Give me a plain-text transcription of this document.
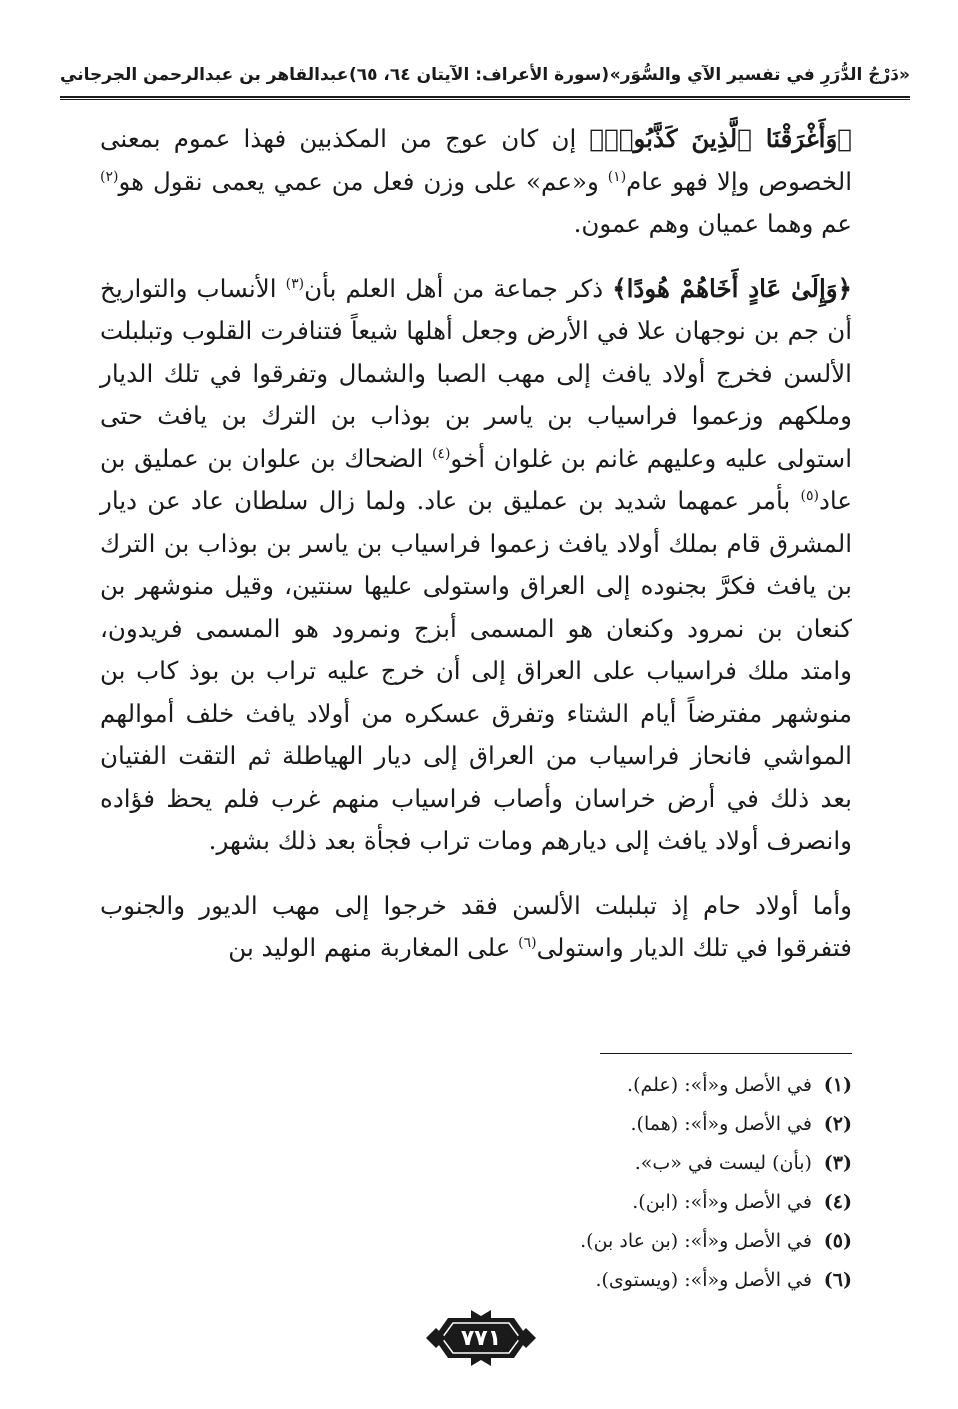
«دَرْجُ الدُّرَرِ في تفسير الآي والسُّوَر»
(سورة الأعراف: الآيتان ٦٤، ٦٥)
عبدالقاهر بن عبدالرحمن الجرجاني

﴿وَأَغْرَقْنَا ٱلَّذِينَ كَذَّبُوا۟﴾ إن كان عوج من المكذبين فهذا عموم بمعنى الخصوص وإلا فهو عام$^{(١)}$ و«عم» على وزن فعل من عمي يعمى نقول هو$^{(٢)}$ عم وهما عميان وهم عمون.

﴿وَإِلَىٰ عَادٍ أَخَاهُمْ هُودًا﴾ ذكر جماعة من أهل العلم بأن$^{(٣)}$ الأنساب والتواريخ أن جم بن نوجهان علا في الأرض وجعل أهلها شيعاً فتنافرت القلوب وتبلبلت الألسن فخرج أولاد يافث إلى مهب الصبا والشمال وتفرقوا في تلك الديار وملكهم وزعموا فراسياب بن ياسر بن بوذاب بن الترك بن يافث حتى استولى عليه وعليهم غانم بن غلوان أخو$^{(٤)}$ الضحاك بن علوان بن عمليق بن عاد$^{(٥)}$ بأمر عمهما شديد بن عمليق بن عاد. ولما زال سلطان عاد عن ديار المشرق قام بملك أولاد يافث زعموا فراسياب بن ياسر بن بوذاب بن الترك بن يافث فكرَّ بجنوده إلى العراق واستولى عليها سنتين، وقيل منوشهر بن كنعان بن نمرود وكنعان هو المسمى أبزج ونمرود هو المسمى فريدون، وامتد ملك فراسياب على العراق إلى أن خرج عليه تراب بن بوذ كاب بن منوشهر مفترضاً أيام الشتاء وتفرق عسكره من أولاد يافث خلف أموالهم المواشي فانحاز فراسياب من العراق إلى ديار الهياطلة ثم التقت الفتيان بعد ذلك في أرض خراسان وأصاب فراسياب منهم غرب فلم يحظ فؤاده وانصرف أولاد يافث إلى ديارهم ومات تراب فجأة بعد ذلك بشهر.

وأما أولاد حام إذ تبلبلت الألسن فقد خرجوا إلى مهب الديور والجنوب فتفرقوا في تلك الديار واستولى$^{(٦)}$ على المغاربة منهم الوليد بن

(١) في الأصل و«أ»: (علم).
(٢) في الأصل و«أ»: (هما).
(٣) (بأن) ليست في «ب».
(٤) في الأصل و«أ»: (ابن).
(٥) في الأصل و«أ»: (بن عاد بن).
(٦) في الأصل و«أ»: (ويستوى).
٧٧١
